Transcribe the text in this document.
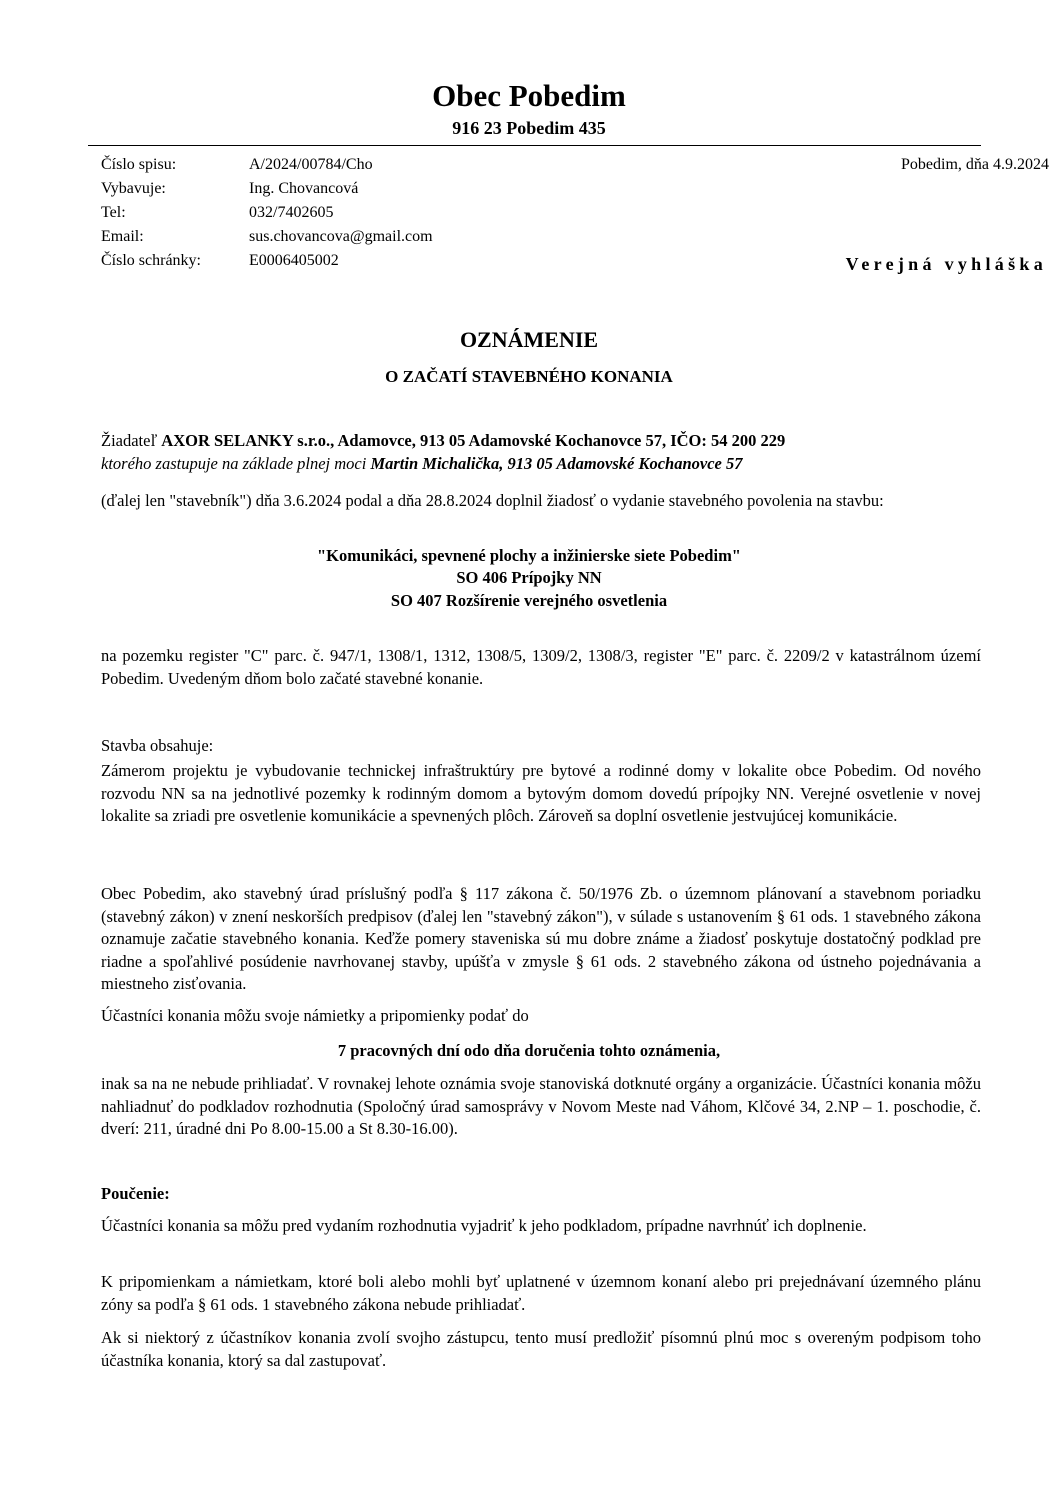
Obec Pobedim
916 23 Pobedim 435
Číslo spisu:	A/2024/00784/Cho
Vybavuje:	Ing. Chovancová
Tel:	032/7402605
Email:	sus.chovancova@gmail.com
Číslo schránky:	E0006405002
Pobedim, dňa 4.9.2024
Verejná vyhláška
OZNÁMENIE
O ZAČATÍ STAVEBNÉHO KONANIA
Žiadateľ AXOR SELANKY s.r.o., Adamovce, 913 05 Adamovské Kochanovce 57, IČO: 54 200 229
ktorého zastupuje na základe plnej moci Martin Michalička, 913 05 Adamovské Kochanovce 57
(ďalej len "stavebník") dňa 3.6.2024 podal a dňa 28.8.2024 doplnil žiadosť o vydanie stavebného povolenia na stavbu:
"Komunikáci, spevnené plochy a inžinierske siete Pobedim"
SO 406 Prípojky NN
SO 407 Rozšírenie verejného osvetlenia
na pozemku register "C" parc. č. 947/1, 1308/1, 1312, 1308/5, 1309/2, 1308/3, register "E" parc. č. 2209/2 v katastrálnom území Pobedim. Uvedeným dňom bolo začaté stavebné konanie.
Stavba obsahuje:
Zámerom projektu je vybudovanie technickej infraštruktúry pre bytové a rodinné domy v lokalite obce Pobedim. Od nového rozvodu NN sa na jednotlivé pozemky k rodinným domom a bytovým domom dovedú prípojky NN. Verejné osvetlenie v novej lokalite sa zriadi pre osvetlenie komunikácie a spevnených plôch. Zároveň sa doplní osvetlenie jestvujúcej komunikácie.
Obec Pobedim, ako stavebný úrad príslušný podľa § 117 zákona č. 50/1976 Zb. o územnom plánovaní a stavebnom poriadku (stavebný zákon) v znení neskorších predpisov (ďalej len "stavebný zákon"), v súlade s ustanovením § 61 ods. 1 stavebného zákona oznamuje začatie stavebného konania. Keďže pomery staveniska sú mu dobre známe a žiadosť poskytuje dostatočný podklad pre riadne a spoľahlivé posúdenie navrhovanej stavby, upúšťa v zmysle § 61 ods. 2 stavebného zákona od ústneho pojednávania a miestneho zisťovania.
Účastníci konania môžu svoje námietky a pripomienky podať do
7 pracovných dní odo dňa doručenia tohto oznámenia,
inak sa na ne nebude prihliadať. V rovnakej lehote oznámia svoje stanoviská dotknuté orgány a organizácie. Účastníci konania môžu nahliadnuť do podkladov rozhodnutia (Spoločný úrad samosprávy v Novom Meste nad Váhom, Klčové 34, 2.NP – 1. poschodie, č. dverí: 211, úradné dni Po 8.00-15.00 a St 8.30-16.00).
Poučenie:
Účastníci konania sa môžu pred vydaním rozhodnutia vyjadriť k jeho podkladom, prípadne navrhnúť ich doplnenie.
K pripomienkam a námietkam, ktoré boli alebo mohli byť uplatnené v územnom konaní alebo pri prejednávaní územného plánu zóny sa podľa § 61 ods. 1 stavebného zákona nebude prihliadať.
Ak si niektorý z účastníkov konania zvolí svojho zástupcu, tento musí predložiť písomnú plnú moc s overeným podpisom toho účastníka konania, ktorý sa dal zastupovať.
